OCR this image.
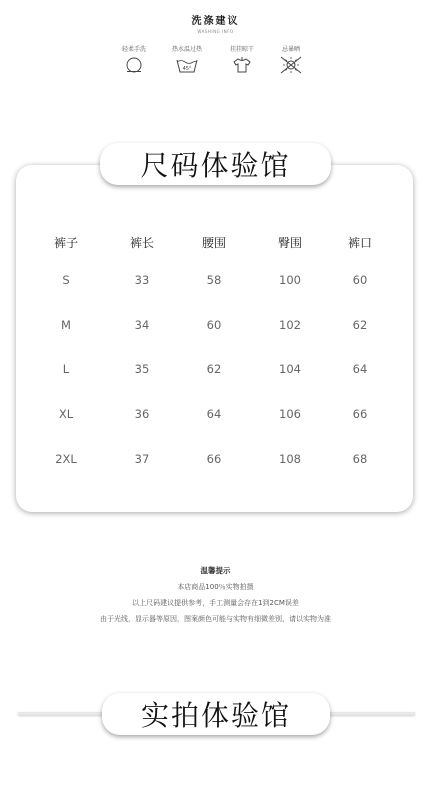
洗涤建议
WASHING INFO
轻柔手洗	热水温过热
45°
挂挂晾干	忌暴晒
尺码体验馆
裤子	裤长	腰围	臀围	裤口
S	33	58	100	60
M	34	60	102	62
L	35	62	104	64
XL	36	64	106	66
2XL	37	66	108	68
温馨提示
本店商品100％实物拍摄
以上尺码建议提供参考，手工测量会存在1到2CM误差
由于光线，显示器等原因，图案颜色可能与实物有细微差别，请以实物为准
实拍体验馆
